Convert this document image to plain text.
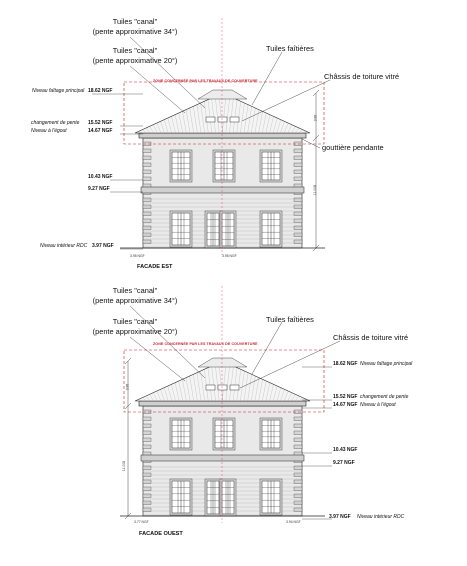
Tuiles "canal"
(pente approximative 34°)
Tuiles "canal"
(pente approximative 20°)
Tuiles faîtières
Châssis de toiture vitré
gouttière pendante
ZONE CONCERNÉE PAR LES TRAVAUX DE COUVERTURE
Niveau faîtage principal 18.62 NGF
changement de pente 15.52 NGF
Niveau à l'égout	14.67 NGF
10.43 NGF
9.27 NGF
Niveau intérieur RDC 3.97 NGF
3.95
11.008
3.95 NGF	3.95 NGF
FACADE EST
Tuiles "canal"
(pente approximative 34°)
Tuiles "canal"
(pente approximative 20°)
Tuiles faîtières
Châssis de toiture vitré
ZONE CONCERNÉE PAR LES TRAVAUX DE COUVERTURE
18.62 NGF Niveau faîtage principal
15.52 NGF changement de pente
14.67 NGF Niveau à l'égout
10.43 NGF
9.27 NGF
3.97 NGF Niveau intérieur RDC
3.95
11.008
3.77 NGF	3.94 NGF
FACADE OUEST
